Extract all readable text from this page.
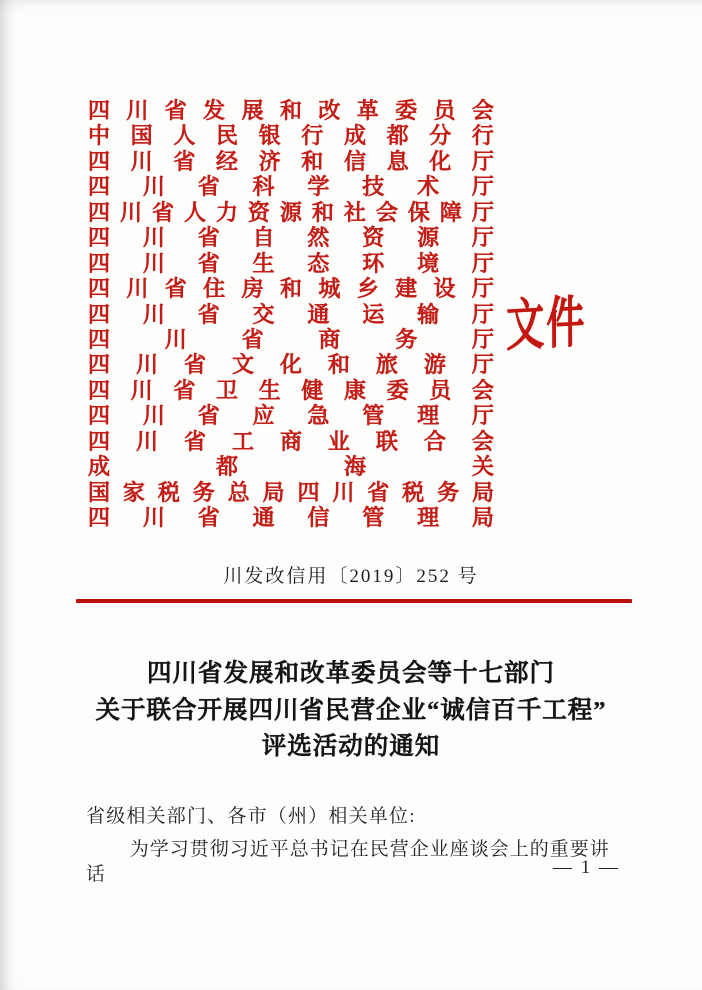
四 川 省 发 展 和 改 革 委 员 会
中 国 人 民 银 行 成 都 分 行
四 川 省 经 济 和 信 息 化 厅
四 川 省 科 学 技 术 厅
四 川 省 人 力 资 源 和 社 会 保 障 厅
四 川 省 自 然 资 源 厅
四 川 省 生 态 环 境 厅
四 川 省 住 房 和 城 乡 建 设 厅
四 川 省 交 通 运 输 厅
四 川 省 商 务 厅
四 川 省 文 化 和 旅 游 厅
四 川 省 卫 生 健 康 委 员 会
四 川 省 应 急 管 理 厅
四 川 省 工 商 业 联 合 会
成	都	海	关
国 家 税 务 总 局 四 川 省 税 务 局
四 川 省 通 信 管 理 局
文件
川发改信用〔2019〕252 号
四川省发展和改革委员会等十七部门
关于联合开展四川省民营企业“诚信百千工程”
评选活动的通知
省级相关部门、各市（州）相关单位:
为学习贯彻习近平总书记在民营企业座谈会上的重要讲话	— 1 —
